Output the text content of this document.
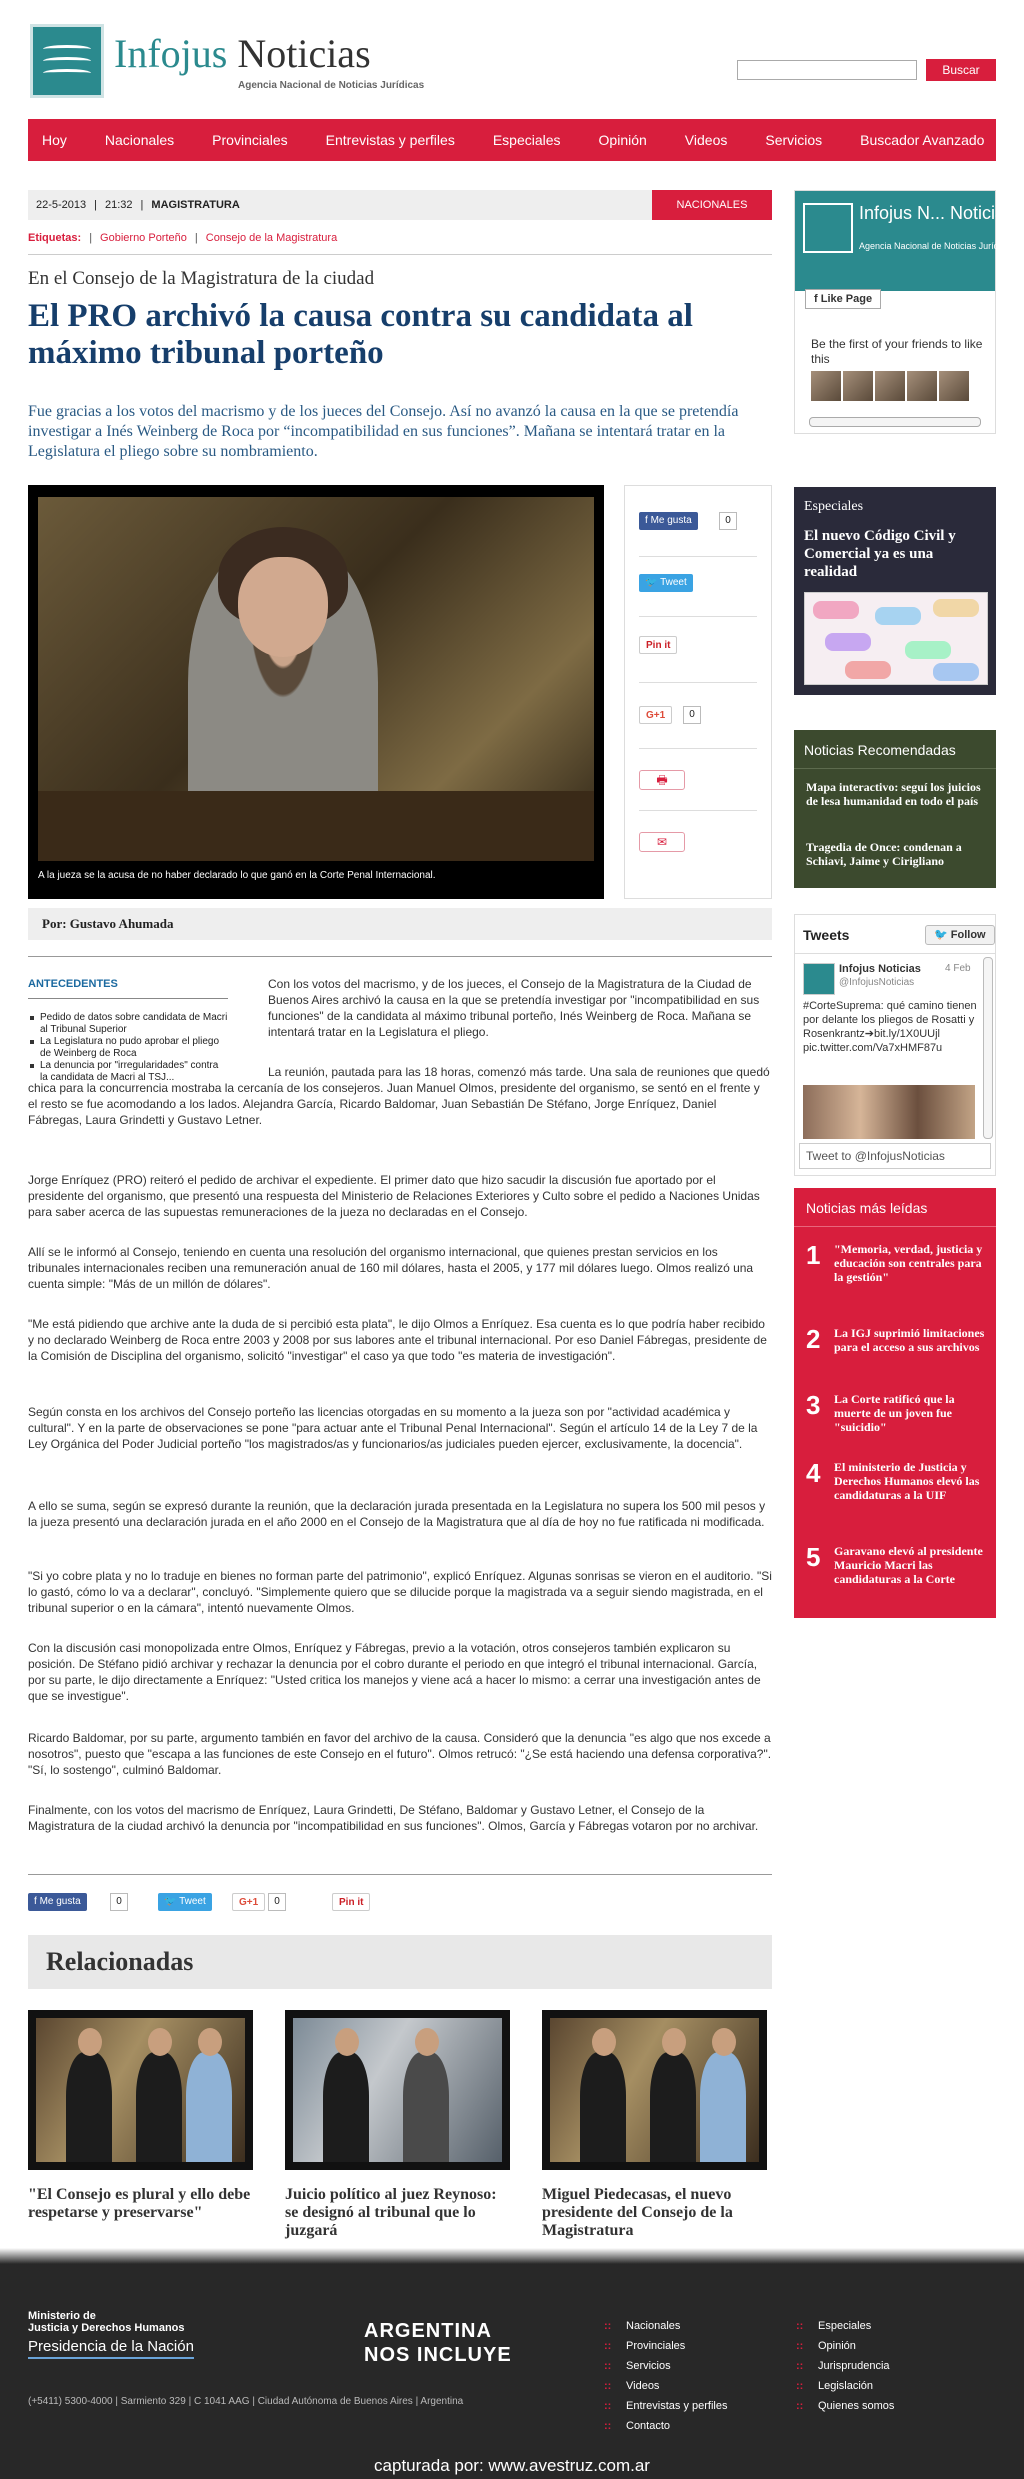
Infojus Noticias
Agencia Nacional de Noticias Jurídicas
Buscar
Hoy	Nacionales	Provinciales	Entrevistas y perfiles	Especiales	Opinión	Videos	Servicios	Buscador Avanzado
22-5-2013 | 21:32 | MAGISTRATURA	NACIONALES
Etiquetas: | Gobierno Porteño | Consejo de la Magistratura
En el Consejo de la Magistratura de la ciudad
El PRO archivó la causa contra su candidata al máximo tribunal porteño

Fue gracias a los votos del macrismo y de los jueces del Consejo. Así no avanzó la causa en la que se pretendía investigar a Inés Weinberg de Roca por “incompatibilidad en sus funciones”. Mañana se intentará tratar en la Legislatura el pliego sobre su nombramiento.

A la jueza se la acusa de no haber declarado lo que ganó en la Corte Penal Internacional.
f Me gusta	0
🐦 Tweet
Pin it
G+1	0
🖶
✉
Por: Gustavo Ahumada
ANTECEDENTES
Pedido de datos sobre candidata de Macri al Tribunal Superior
La Legislatura no pudo aprobar el pliego de Weinberg de Roca
La denuncia por "irregularidades" contra la candidata de Macri al TSJ...

Con los votos del macrismo, y de los jueces, el Consejo de la Magistratura de la Ciudad de Buenos Aires archivó la causa en la que se pretendía investigar por "incompatibilidad en sus funciones" de la candidata al máximo tribunal porteño, Inés Weinberg de Roca. Mañana se intentará tratar en la Legislatura el pliego.

La reunión, pautada para las 18 horas, comenzó más tarde. Una sala de reuniones que quedó chica para la concurrencia mostraba la cercanía de los consejeros. Juan Manuel Olmos, presidente del organismo, se sentó en el frente y el resto se fue acomodando a los lados. Alejandra García, Ricardo Baldomar, Juan Sebastián De Stéfano, Jorge Enríquez, Daniel Fábregas, Laura Grindetti y Gustavo Letner.

Jorge Enríquez (PRO) reiteró el pedido de archivar el expediente. El primer dato que hizo sacudir la discusión fue aportado por el presidente del organismo, que presentó una respuesta del Ministerio de Relaciones Exteriores y Culto sobre el pedido a Naciones Unidas para saber acerca de las supuestas remuneraciones de la jueza no declaradas en el Consejo.

Allí se le informó al Consejo, teniendo en cuenta una resolución del organismo internacional, que quienes prestan servicios en los tribunales internacionales reciben una remuneración anual de 160 mil dólares, hasta el 2005, y 177 mil dólares luego. Olmos realizó una cuenta simple: "Más de un millón de dólares".

"Me está pidiendo que archive ante la duda de si percibió esta plata", le dijo Olmos a Enríquez. Esa cuenta es lo que podría haber recibido y no declarado Weinberg de Roca entre 2003 y 2008 por sus labores ante el tribunal internacional. Por eso Daniel Fábregas, presidente de la Comisión de Disciplina del organismo, solicitó "investigar" el caso ya que todo "es materia de investigación".

Según consta en los archivos del Consejo porteño las licencias otorgadas en su momento a la jueza son por "actividad académica y cultural". Y en la parte de observaciones se pone "para actuar ante el Tribunal Penal Internacional". Según el artículo 14 de la Ley 7 de la Ley Orgánica del Poder Judicial porteño "los magistrados/as y funcionarios/as judiciales pueden ejercer, exclusivamente, la docencia".

A ello se suma, según se expresó durante la reunión, que la declaración jurada presentada en la Legislatura no supera los 500 mil pesos y la jueza presentó una declaración jurada en el año 2000 en el Consejo de la Magistratura que al día de hoy no fue ratificada ni modificada.

"Si yo cobre plata y no lo traduje en bienes no forman parte del patrimonio", explicó Enríquez. Algunas sonrisas se vieron en el auditorio. "Si lo gastó, cómo lo va a declarar", concluyó. "Simplemente quiero que se dilucide porque la magistrada va a seguir siendo magistrada, en el tribunal superior o en la cámara", intentó nuevamente Olmos.

Con la discusión casi monopolizada entre Olmos, Enríquez y Fábregas, previo a la votación, otros consejeros también explicaron su posición. De Stéfano pidió archivar y rechazar la denuncia por el cobro durante el periodo en que integró el tribunal internacional. García, por su parte, le dijo directamente a Enríquez: "Usted critica los manejos y viene acá a hacer lo mismo: a cerrar una investigación antes de que se investigue".

Ricardo Baldomar, por su parte, argumento también en favor del archivo de la causa. Consideró que la denuncia "es algo que nos excede a nosotros", puesto que "escapa a las funciones de este Consejo en el futuro". Olmos retrucó: "¿Se está haciendo una defensa corporativa?". "Sí, lo sostengo", culminó Baldomar.

Finalmente, con los votos del macrismo de Enríquez, Laura Grindetti, De Stéfano, Baldomar y Gustavo Letner, el Consejo de la Magistratura de la ciudad archivó la denuncia por "incompatibilidad en sus funciones". Olmos, García y Fábregas votaron por no archivar.

f Me gusta	0	🐦 Tweet	G+1	0	Pin it
Relacionadas
"El Consejo es plural y ello debe respetarse y preservarse"
Juicio político al juez Reynoso: se designó al tribunal que lo juzgará
Miguel Piedecasas, el nuevo presidente del Consejo de la Magistratura
Infojus N... Noticias
Agencia Nacional de Noticias Jurídicas
f Like Page
Be the first of your friends to like this
Especiales
El nuevo Código Civil y Comercial ya es una realidad
Noticias Recomendadas
Mapa interactivo: seguí los juicios de lesa humanidad en todo el país
Tragedia de Once: condenan a Schiavi, Jaime y Cirigliano
Tweets	🐦 Follow
Infojus Noticias 4 Feb
@InfojusNoticias
#CorteSuprema: qué camino tienen por delante los pliegos de Rosatti y Rosenkrantz➔bit.ly/1X0UUjl pic.twitter.com/Va7xHMF87u
Tweet to @InfojusNoticias
Noticias más leídas
1 "Memoria, verdad, justicia y educación son centrales para la gestión"
2 La IGJ suprimió limitaciones para el acceso a sus archivos
3 La Corte ratificó que la muerte de un joven fue "suicidio"
4 El ministerio de Justicia y Derechos Humanos elevó las candidaturas a la UIF
5 Garavano elevó al presidente Mauricio Macri las candidaturas a la Corte
Ministerio de
Justicia y Derechos Humanos
Presidencia de la Nación
ARGENTINA
NOS INCLUYE
(+5411) 5300-4000 | Sarmiento 329 | C 1041 AAG | Ciudad Autónoma de Buenos Aires | Argentina
:: Nacionales
:: Provinciales
:: Servicios
:: Videos
:: Entrevistas y perfiles
:: Contacto
:: Especiales
:: Opinión
:: Jurisprudencia
:: Legislación
:: Quienes somos
capturada por: www.avestruz.com.ar
